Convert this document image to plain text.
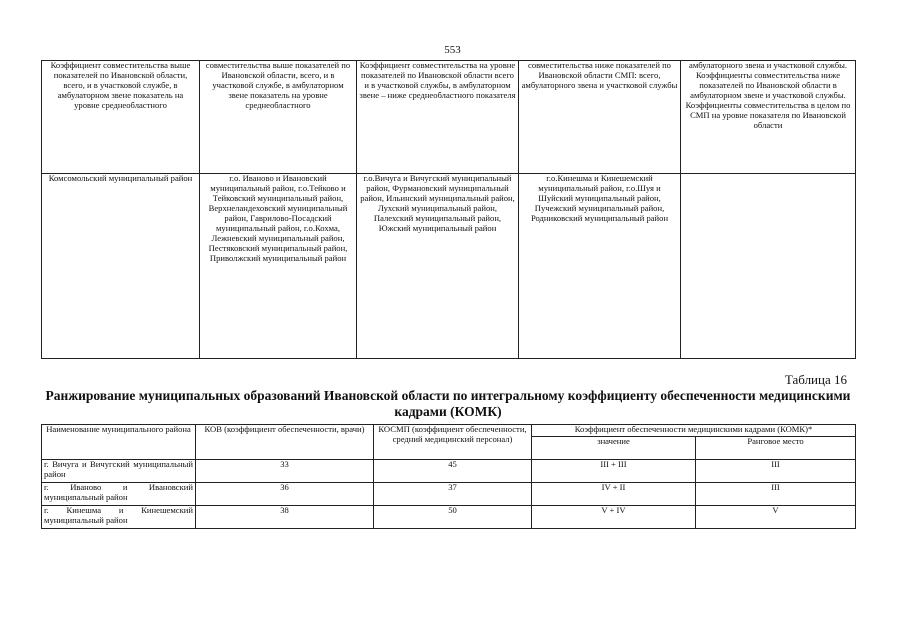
553
Коэффициент совместительства выше показателей по Ивановской области, всего, и в участковой службе, в амбулаторном звене показатель на уровне среднеобластного	совместительства выше показателей по Ивановской области, всего, и в участковой службе, в амбулаторном звене показатель на уровне среднеобластного	Коэффициент совместительства на уровне показателей по Ивановской области всего и в участковой службы, в амбулаторном звене – ниже среднеобластного показателя	совместительства ниже показателей по Ивановской области СМП: всего, амбулаторного звена и участковой службы	амбулаторного звена и участковой службы. Коэффициенты совместительства ниже показателей по Ивановской области в амбулаторном звене и участковой службы. Коэффициенты совместительства в целом по СМП на уровне показателя по Ивановской области
Комсомольский муниципальный район	г.о. Иваново и Ивановский муниципальный район, г.о.Тейково и Тейковский муниципальный район, Верхнеландеховский муниципальный район, Гаврилово-Посадский муниципальный район, г.о.Кохма, Лежневский муниципальный район, Пестяковский муниципальный район, Приволжский муниципальный район	г.о.Вичуга и Вичугский муниципальный район, Фурмановский муниципальный район, Ильинский муниципальный район, Лухский муниципальный район, Палехский муниципальный район, Южский муниципальный район	г.о.Кинешма и Кинешемский муниципальный район, г.о.Шуя и Шуйский муниципальный район, Пучежский муниципальный район, Родниковский муниципальный район	
Таблица 16
Ранжирование муниципальных образований Ивановской области по интегральному коэффициенту обеспеченности медицинскими кадрами (КОМК)
Наименование муниципального района	КОВ (коэффициент обеспеченности, врачи)	КОСМП (коэффициент обеспеченности, средний медицинский персонал)	Коэффициент обеспеченности медицинскими кадрами (КОМК)*	
			значение	Ранговое место
г. Вичуга и Вичугский муниципальный район	33	45	III + III	III
г. Иваново и Ивановский муниципальный район	36	37	IV + II	III
г. Кинешма и Кинешемский муниципальный район	38	50	V + IV	V
